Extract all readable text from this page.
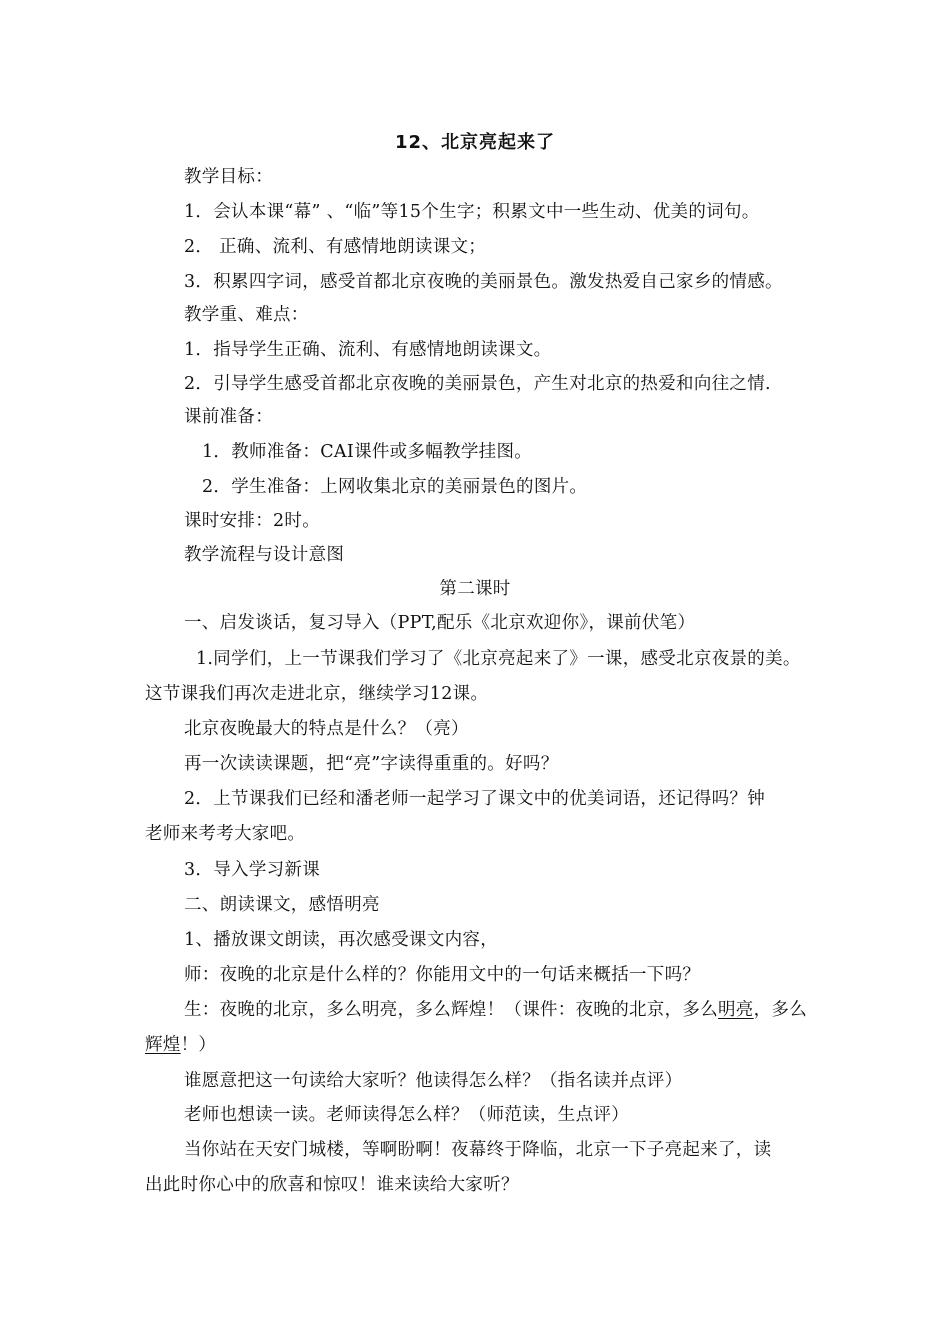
12、北京亮起来了
教学目标：
1．会认本课“幕” 、“临”等15个生字；积累文中一些生动、优美的词句。
2． 正确、流利、有感情地朗读课文；
3．积累四字词，感受首都北京夜晚的美丽景色。激发热爱自己家乡的情感。
教学重、难点：
1．指导学生正确、流利、有感情地朗读课文。
2．引导学生感受首都北京夜晚的美丽景色，产生对北京的热爱和向往之情.
课前准备：
1．教师准备：CAI课件或多幅教学挂图。
2．学生准备：上网收集北京的美丽景色的图片。
课时安排：2时。
教学流程与设计意图
第二课时
一、启发谈话，复习导入（PPT,配乐《北京欢迎你》，课前伏笔）
1.同学们，上一节课我们学习了《北京亮起来了》一课，感受北京夜景的美。
这节课我们再次走进北京，继续学习12课。
北京夜晚最大的特点是什么？（亮）
再一次读读课题，把“亮”字读得重重的。好吗？
2．上节课我们已经和潘老师一起学习了课文中的优美词语，还记得吗？钟
老师来考考大家吧。
3．导入学习新课
二、朗读课文，感悟明亮
1、播放课文朗读，再次感受课文内容，
师：夜晚的北京是什么样的？你能用文中的一句话来概括一下吗？
生：夜晚的北京，多么明亮，多么辉煌！（课件：夜晚的北京，多么明亮，多么
辉煌！）
谁愿意把这一句读给大家听？他读得怎么样？（指名读并点评）
老师也想读一读。老师读得怎么样？（师范读，生点评）
当你站在天安门城楼，等啊盼啊！夜幕终于降临，北京一下子亮起来了，读
出此时你心中的欣喜和惊叹！谁来读给大家听？
